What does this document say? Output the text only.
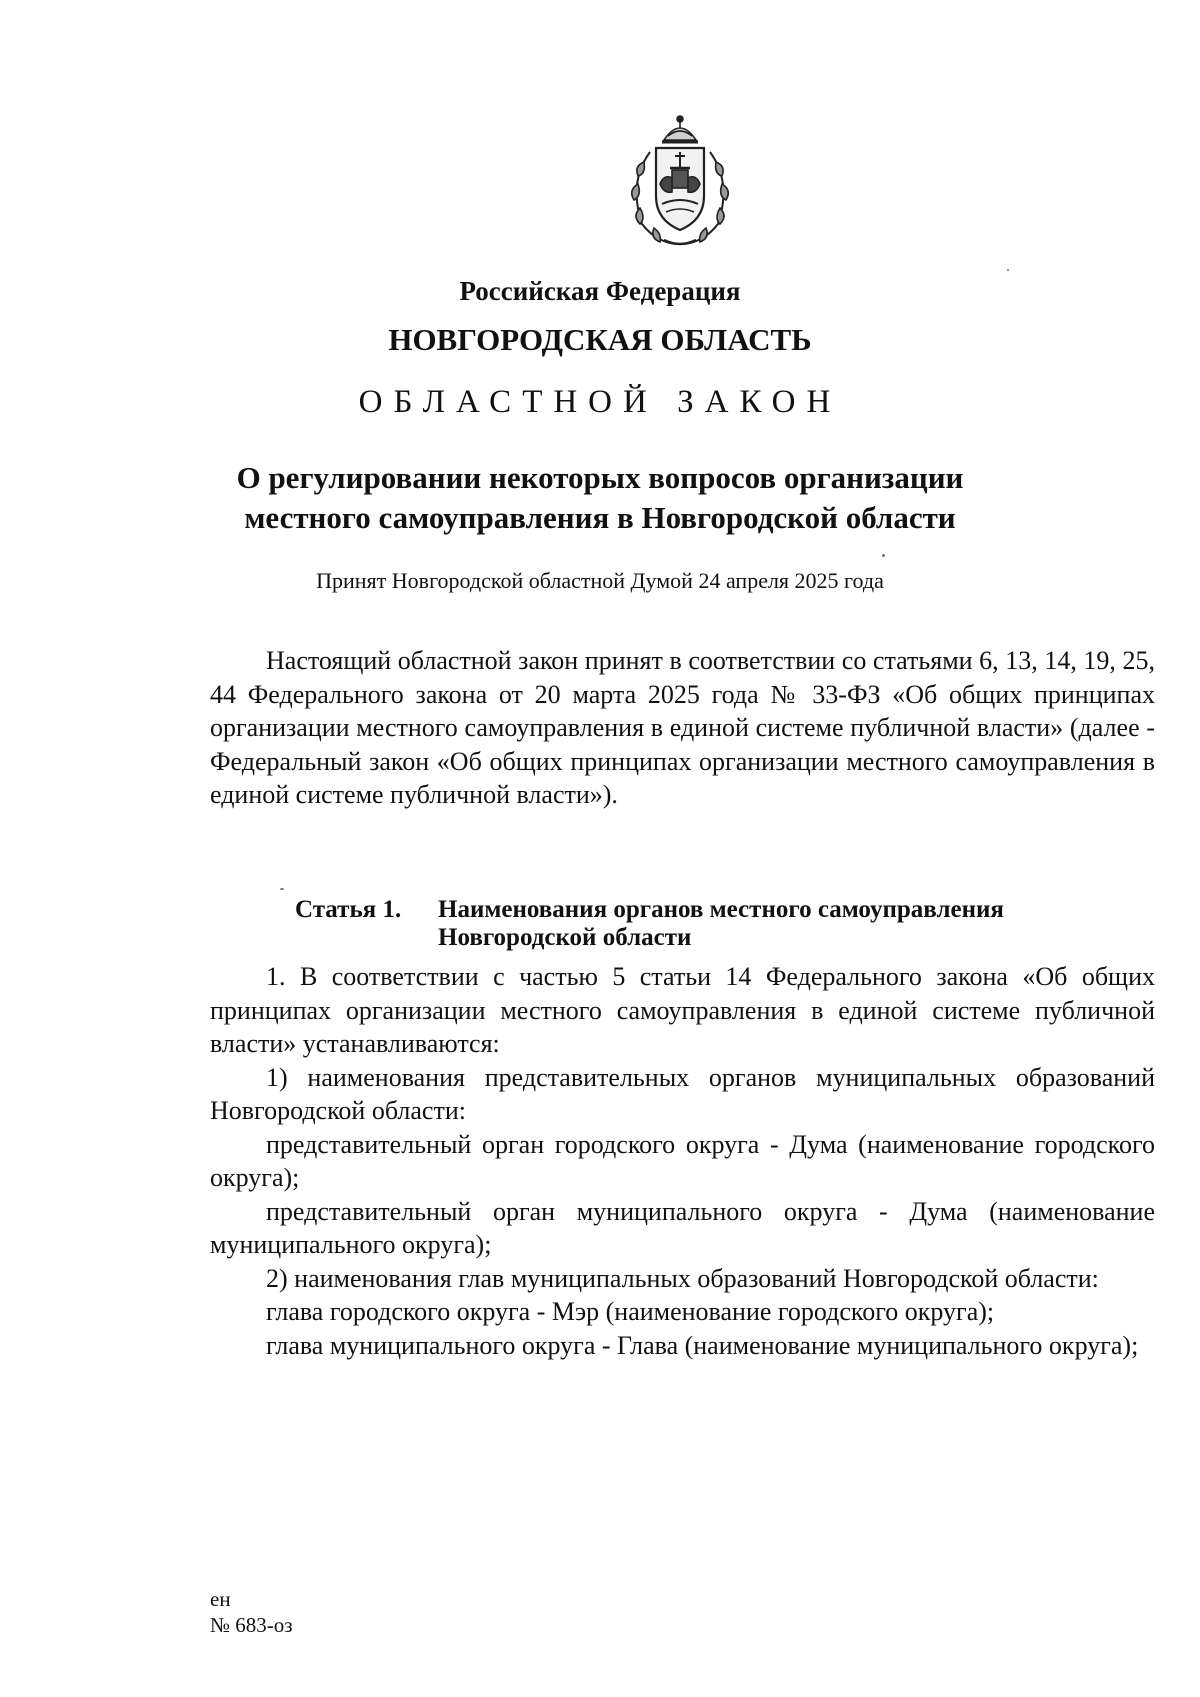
Российская Федерация
НОВГОРОДСКАЯ ОБЛАСТЬ
ОБЛАСТНОЙ ЗАКОН
О регулировании некоторых вопросов организации
местного самоуправления в Новгородской области
Принят Новгородской областной Думой 24 апреля 2025 года

Настоящий областной закон принят в соответствии со статьями 6, 13, 14, 19, 25, 44 Федерального закона от 20 марта 2025 года № 33-ФЗ «Об общих принципах организации местного самоуправления в единой системе публичной власти» (далее - Федеральный закон «Об общих принципах организации местного самоуправления в единой системе публичной власти»).

Статья 1. Наименования органов местного самоуправления
Новгородской области

1. В соответствии с частью 5 статьи 14 Федерального закона «Об общих принципах организации местного самоуправления в единой системе публичной власти» устанавливаются:

1) наименования представительных органов муниципальных образований Новгородской области:

представительный орган городского округа - Дума (наименование городского округа);

представительный орган муниципального округа - Дума (наименование муниципального округа);

2) наименования глав муниципальных образований Новгородской области:

глава городского округа - Мэр (наименование городского округа);

глава муниципального округа - Глава (наименование муниципального округа);

ен
№ 683-оз
